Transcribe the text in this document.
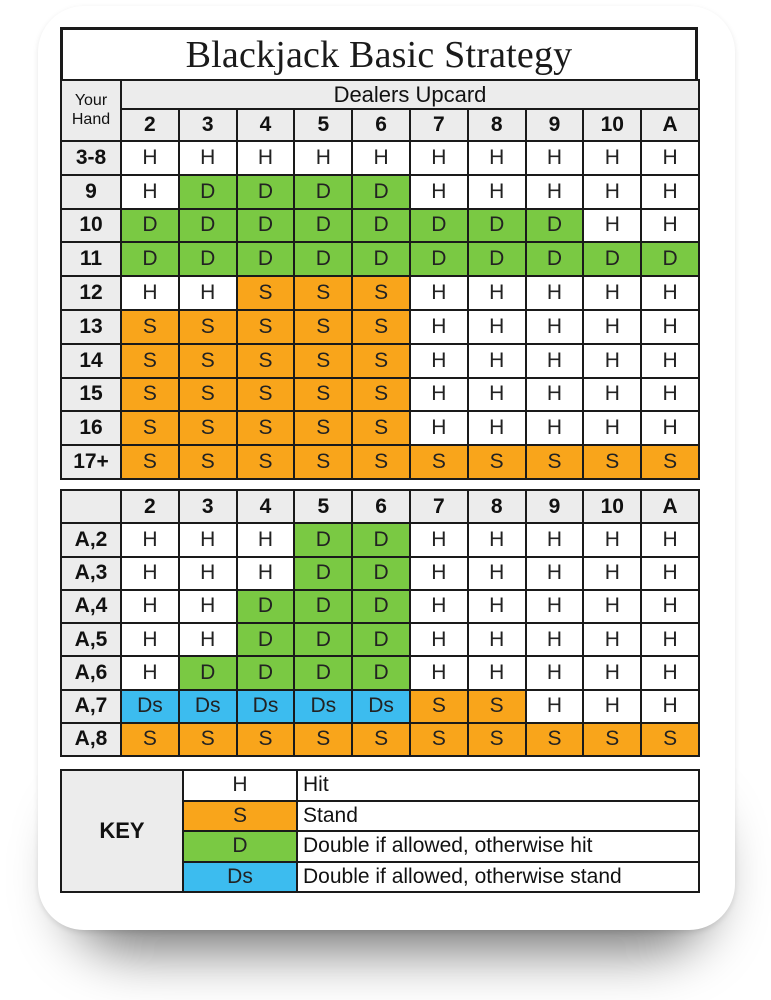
Blackjack Basic Strategy
Your
Hand	Dealers Upcard									
	2	3	4	5	6	7	8	9	10	A
3-8	H	H	H	H	H	H	H	H	H	H
9	H	D	D	D	D	H	H	H	H	H
10	D	D	D	D	D	D	D	D	H	H
11	D	D	D	D	D	D	D	D	D	D
12	H	H	S	S	S	H	H	H	H	H
13	S	S	S	S	S	H	H	H	H	H
14	S	S	S	S	S	H	H	H	H	H
15	S	S	S	S	S	H	H	H	H	H
16	S	S	S	S	S	H	H	H	H	H
17+	S	S	S	S	S	S	S	S	S	S
	2	3	4	5	6	7	8	9	10	A
A,2	H	H	H	D	D	H	H	H	H	H
A,3	H	H	H	D	D	H	H	H	H	H
A,4	H	H	D	D	D	H	H	H	H	H
A,5	H	H	D	D	D	H	H	H	H	H
A,6	H	D	D	D	D	H	H	H	H	H
A,7	Ds	Ds	Ds	Ds	Ds	S	S	H	H	H
A,8	S	S	S	S	S	S	S	S	S	S
KEY	H	Hit
	S	Stand
	D	Double if allowed, otherwise hit
	Ds	Double if allowed, otherwise stand
